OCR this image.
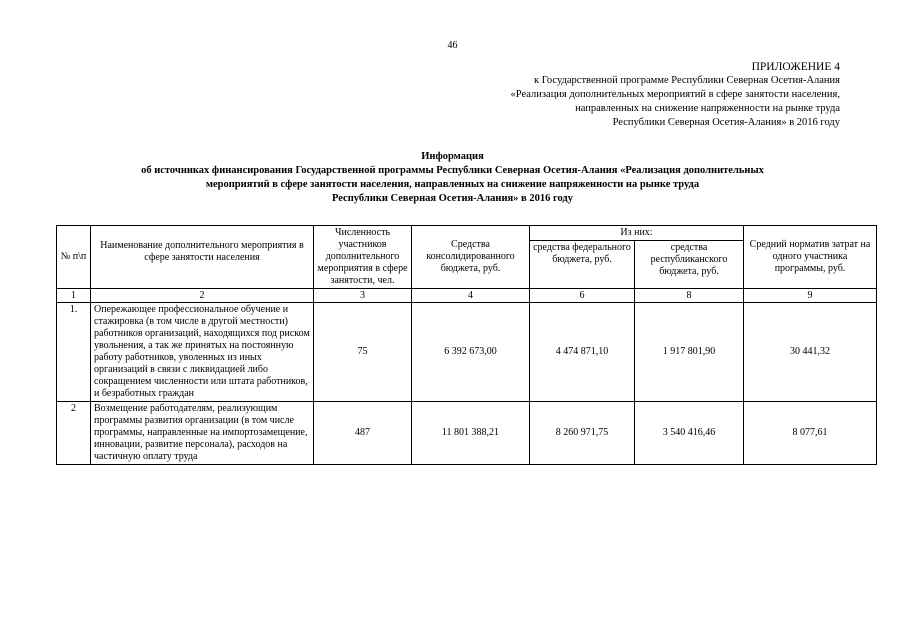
46
ПРИЛОЖЕНИЕ 4
к Государственной программе Республики Северная Осетия-Алания
«Реализация дополнительных мероприятий в сфере занятости населения,
направленных на снижение напряженности на рынке труда
Республики Северная Осетия-Алания» в 2016 году
Информация
об источниках финансирования Государственной программы Республики Северная Осетия-Алания «Реализация дополнительных
мероприятий в сфере занятости населения, направленных на снижение напряженности на рынке труда
Республики Северная Осетия-Алания» в 2016 году
№ п\п	Наименование дополнительного мероприятия в сфере занятости населения	Численность участников дополнительного мероприятия в сфере занятости, чел.	Средства консолидированного бюджета, руб.	Из них:		Средний норматив затрат на одного участника программы, руб.
				средства федерального бюджета, руб.	средства республиканского бюджета, руб.	
1	2	3	4	6	8	9
1.	Опережающее профессиональное обучение и стажировка (в том числе в другой местности) работников организаций, находящихся под риском увольнения, а так же принятых на постоянную работу работников, уволенных из иных организаций в связи с ликвидацией либо сокращением численности или штата работников, и безработных граждан	75	6 392 673,00	4 474 871,10	1 917 801,90	30 441,32
2	Возмещение работодателям, реализующим программы развития организации (в том числе программы, направленные на импортозамещение, инновации, развитие персонала), расходов на частичную оплату труда	487	11 801 388,21	8 260 971,75	3 540 416,46	8 077,61
